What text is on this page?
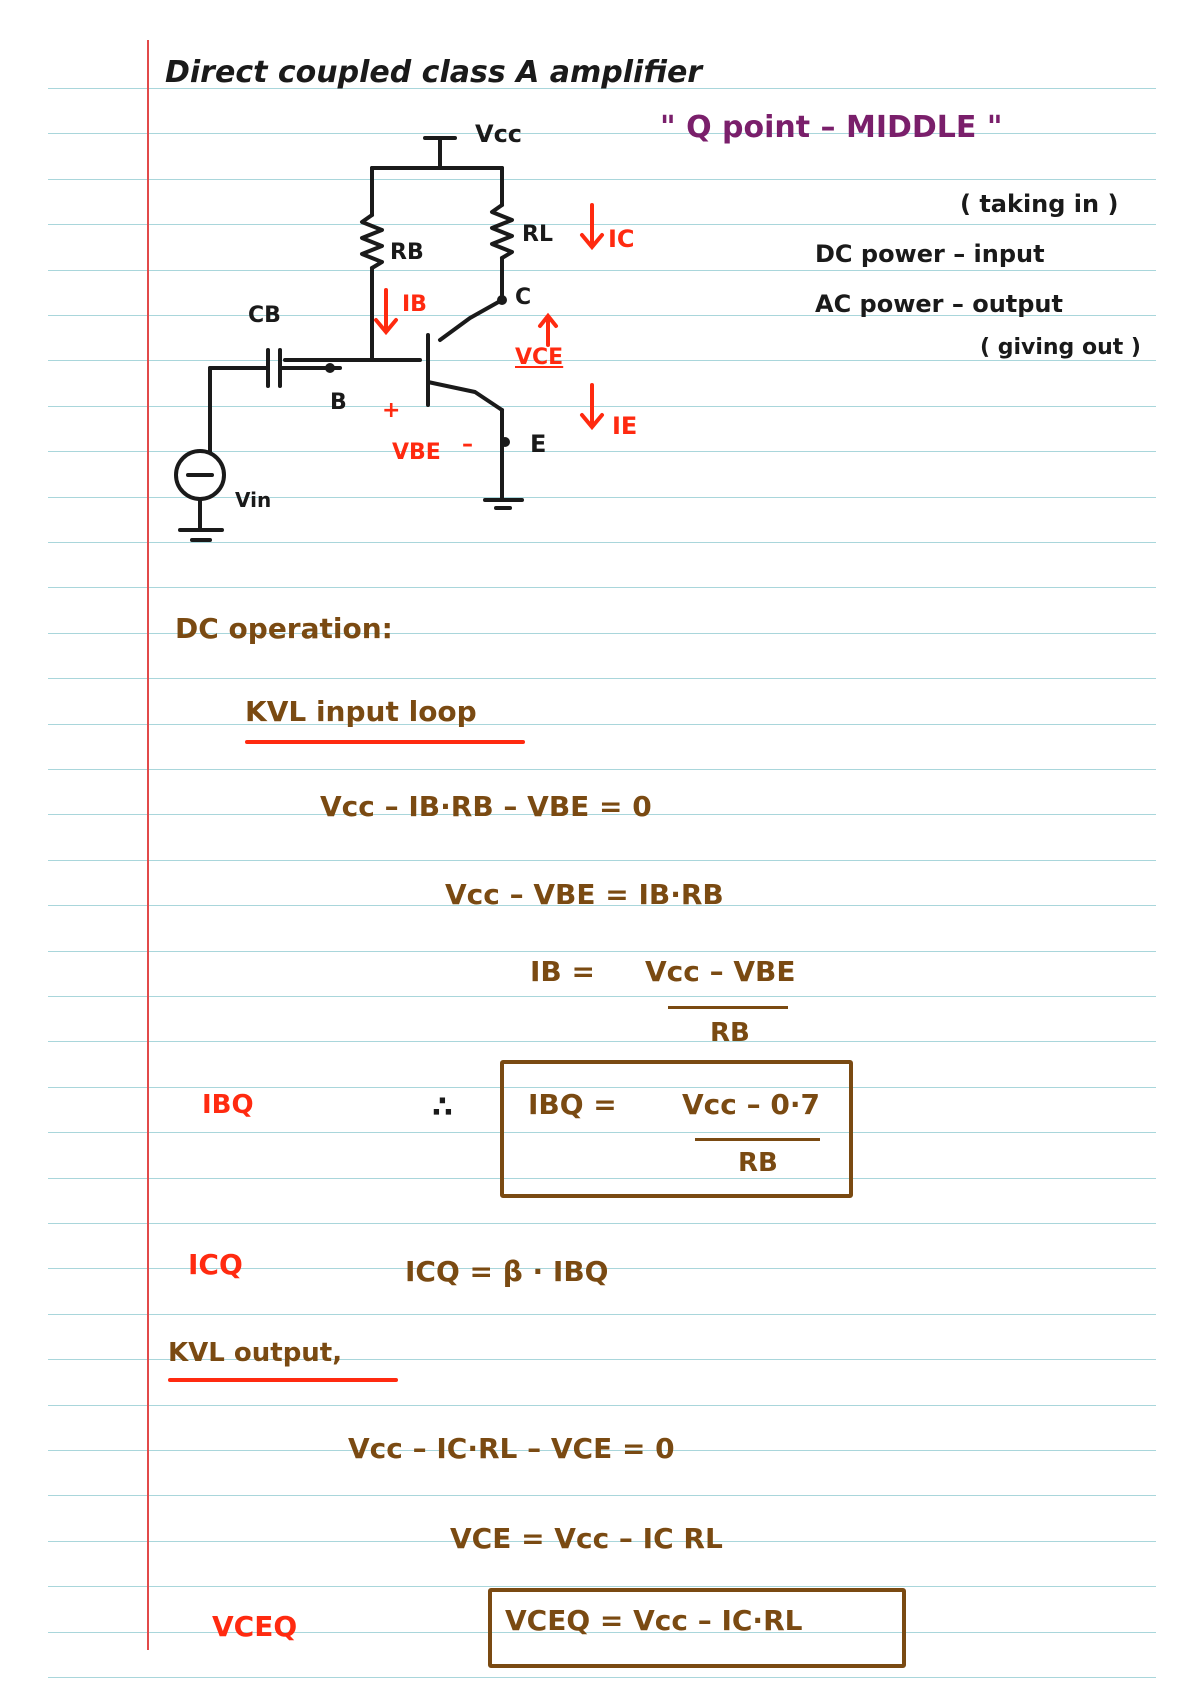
Direct coupled class A amplifier
" Q point – MIDDLE "
( taking in )
DC power – input
AC power – output
( giving out )
Vcc
RL
RB
CB
C
B
E
IC
IB
IE
VCE
+
VBE –
Vin
DC operation:
KVL input loop
Vcc – IB·RB – VBE = 0
Vcc – VBE = IB·RB
IB = Vcc – VBE
RB
IBQ	∴	IBQ = Vcc – 0·7
RB
ICQ	ICQ = β · IBQ
KVL output,
Vcc – IC·RL – VCE = 0
VCE = Vcc – IC RL
VCEQ	VCEQ = Vcc – IC·RL
